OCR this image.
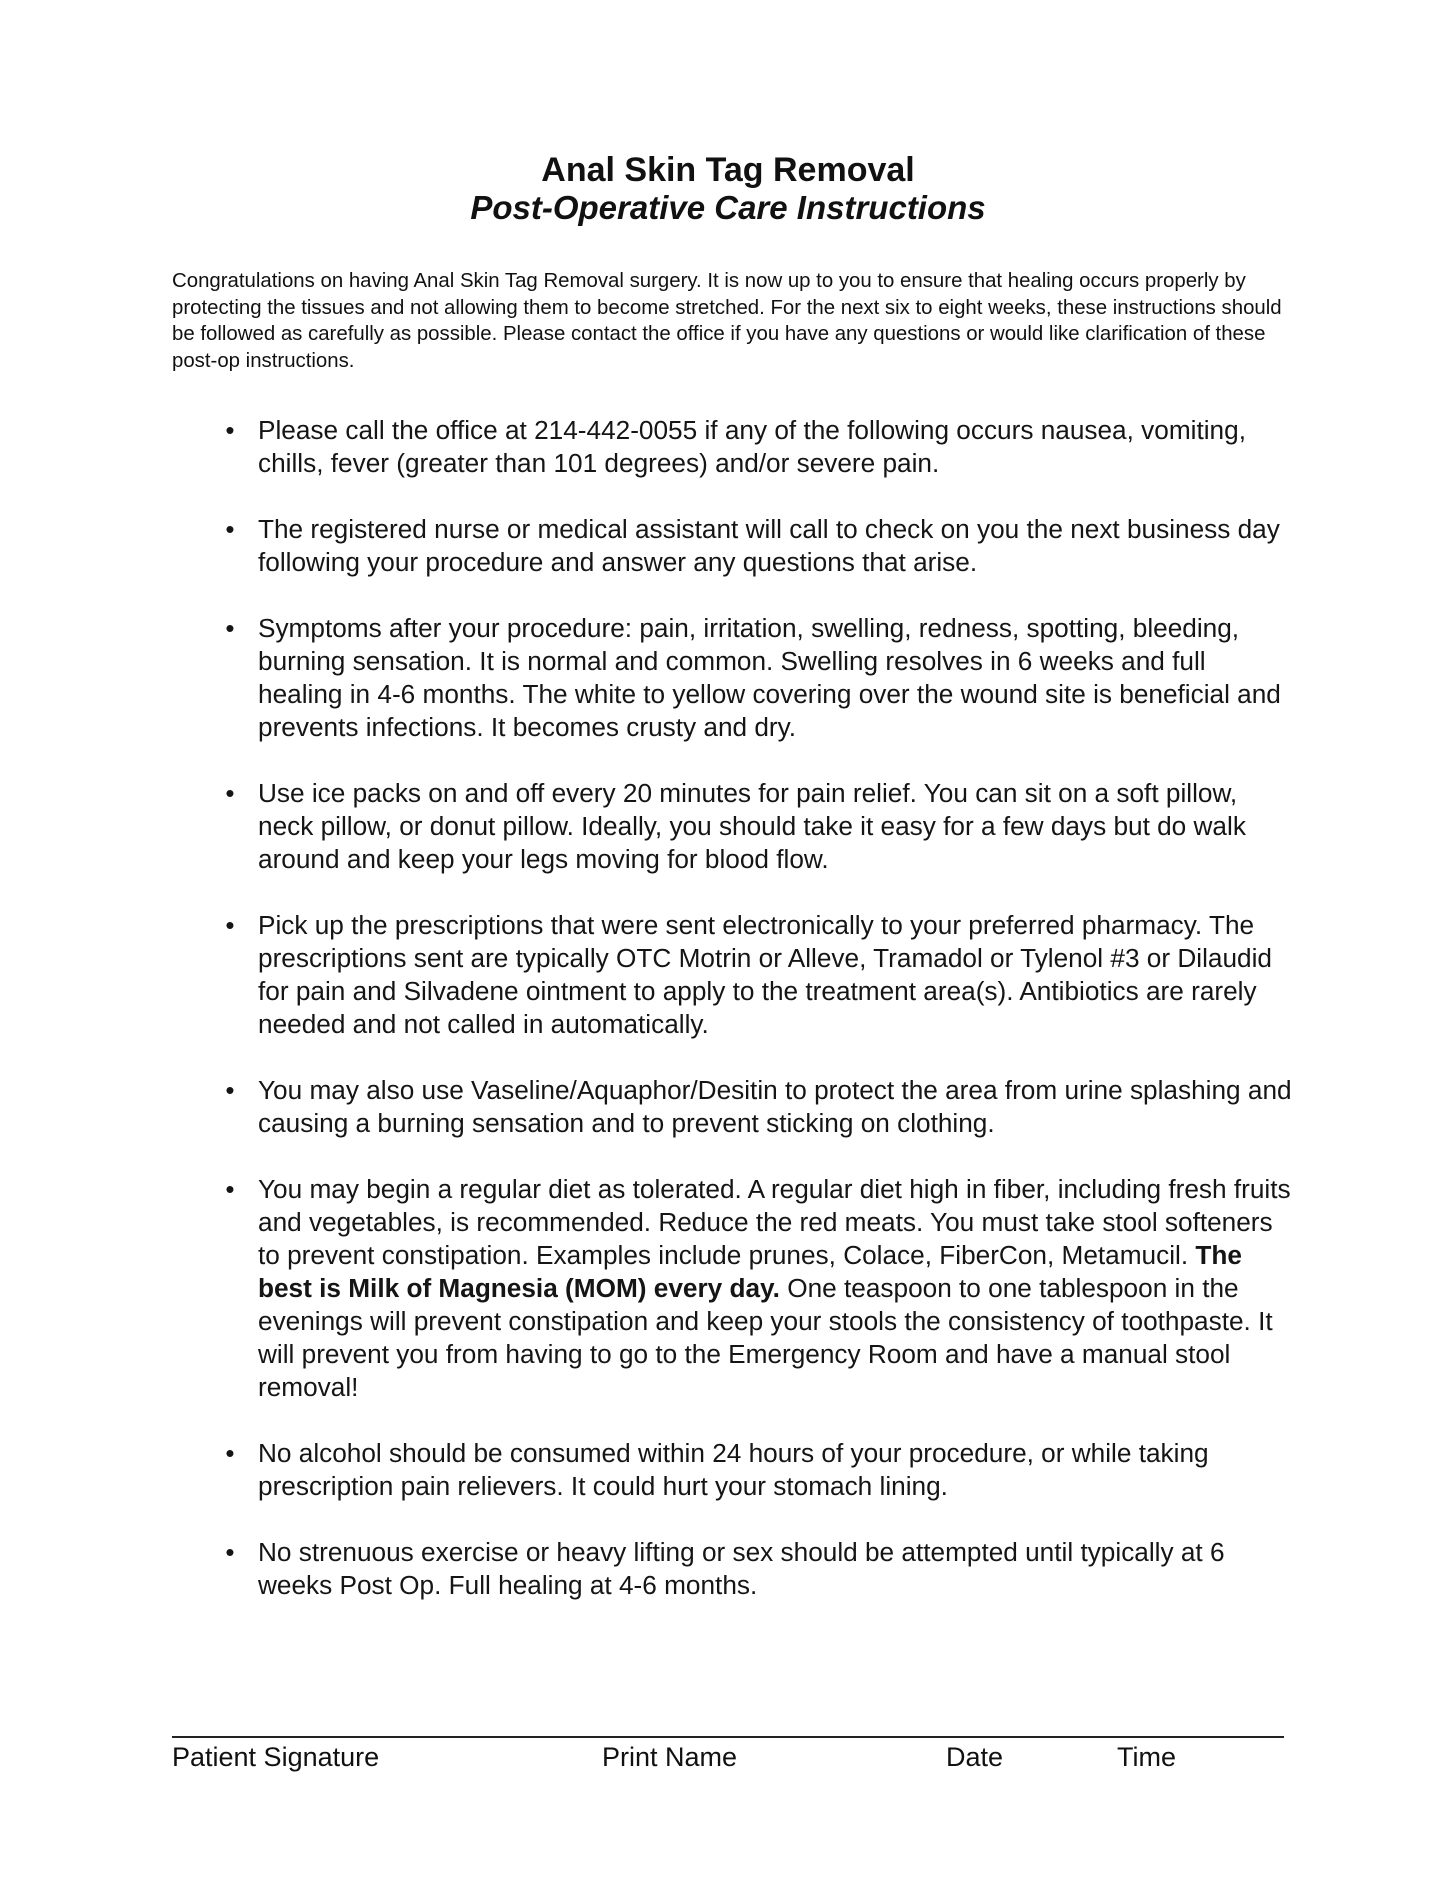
Anal Skin Tag Removal
Post-Operative Care Instructions

Congratulations on having Anal Skin Tag Removal surgery. It is now up to you to ensure that healing occurs properly by protecting the tissues and not allowing them to become stretched. For the next six to eight weeks, these instructions should be followed as carefully as possible. Please contact the office if you have any questions or would like clarification of these post-op instructions.

• Please call the office at 214-442-0055 if any of the following occurs nausea, vomiting, chills, fever (greater than 101 degrees) and/or severe pain.
• The registered nurse or medical assistant will call to check on you the next business day following your procedure and answer any questions that arise.
• Symptoms after your procedure: pain, irritation, swelling, redness, spotting, bleeding, burning sensation. It is normal and common. Swelling resolves in 6 weeks and full healing in 4-6 months. The white to yellow covering over the wound site is beneficial and prevents infections. It becomes crusty and dry.
• Use ice packs on and off every 20 minutes for pain relief. You can sit on a soft pillow, neck pillow, or donut pillow. Ideally, you should take it easy for a few days but do walk around and keep your legs moving for blood flow.
• Pick up the prescriptions that were sent electronically to your preferred pharmacy. The prescriptions sent are typically OTC Motrin or Alleve, Tramadol or Tylenol #3 or Dilaudid for pain and Silvadene ointment to apply to the treatment area(s). Antibiotics are rarely needed and not called in automatically.
• You may also use Vaseline/Aquaphor/Desitin to protect the area from urine splashing and causing a burning sensation and to prevent sticking on clothing.
• You may begin a regular diet as tolerated. A regular diet high in fiber, including fresh fruits and vegetables, is recommended. Reduce the red meats. You must take stool softeners to prevent constipation. Examples include prunes, Colace, FiberCon, Metamucil. The best is Milk of Magnesia (MOM) every day. One teaspoon to one tablespoon in the evenings will prevent constipation and keep your stools the consistency of toothpaste. It will prevent you from having to go to the Emergency Room and have a manual stool removal!
• No alcohol should be consumed within 24 hours of your procedure, or while taking prescription pain relievers. It could hurt your stomach lining.
• No strenuous exercise or heavy lifting or sex should be attempted until typically at 6 weeks Post Op. Full healing at 4-6 months.
Patient Signature	Print Name	Date	Time
